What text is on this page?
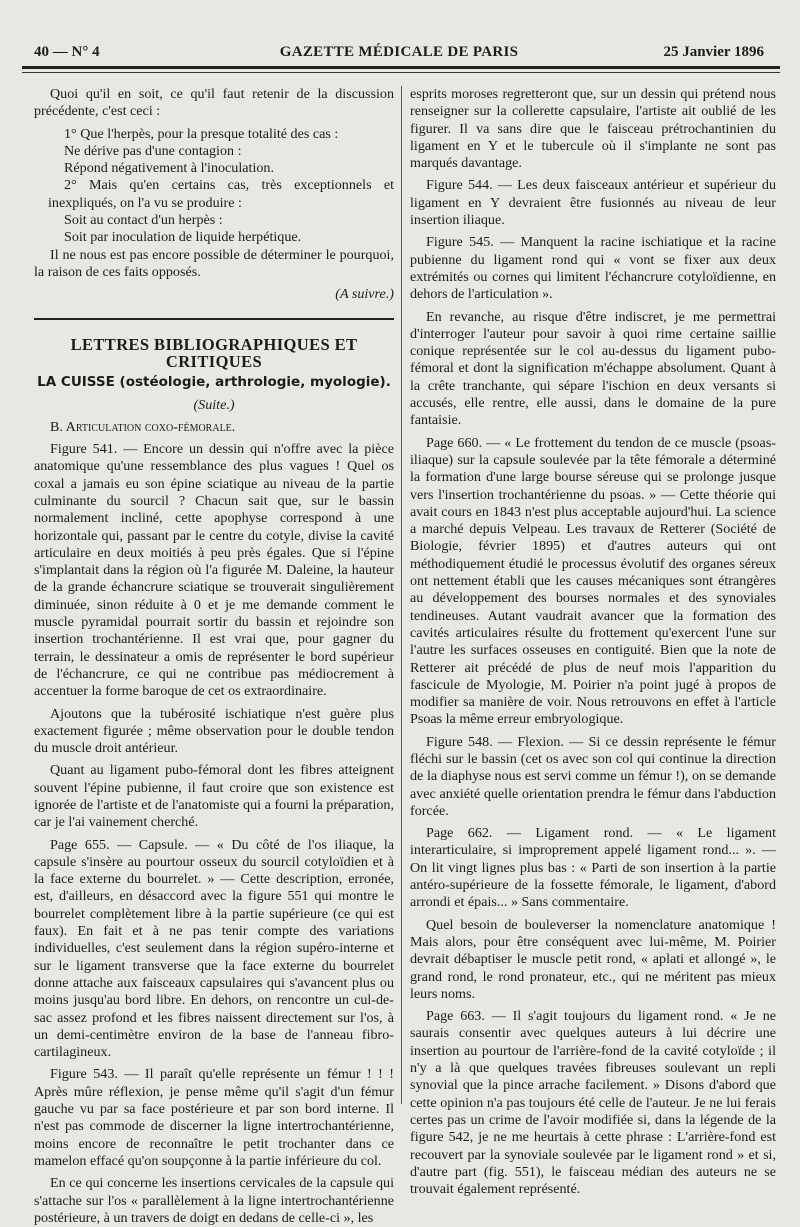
40 — N° 4	GAZETTE MÉDICALE DE PARIS	25 Janvier 1896

Quoi qu'il en soit, ce qu'il faut retenir de la discussion précédente, c'est ceci :

1° Que l'herpès, pour la presque totalité des cas :

Ne dérive pas d'une contagion :

Répond négativement à l'inoculation.

2° Mais qu'en certains cas, très exceptionnels et inexpliqués, on l'a vu se produire :

Soit au contact d'un herpès :

Soit par inoculation de liquide herpétique.

Il ne nous est pas encore possible de déterminer le pourquoi, la raison de ces faits opposés.

(A suivre.)

LETTRES BIBLIOGRAPHIQUES ET CRITIQUES
LA CUISSE (ostéologie, arthrologie, myologie).
(Suite.)

B. Articulation coxo-fémorale.

Figure 541. — Encore un dessin qui n'offre avec la pièce anatomique qu'une ressemblance des plus vagues ! Quel os coxal a jamais eu son épine sciatique au niveau de la partie culminante du sourcil ? Chacun sait que, sur le bassin normalement incliné, cette apophyse correspond à une horizontale qui, passant par le centre du cotyle, divise la cavité articulaire en deux moitiés à peu près égales. Que si l'épine s'implantait dans la région où l'a figurée M. Daleine, la hauteur de la grande échancrure sciatique se trouverait singulièrement diminuée, sinon réduite à 0 et je me demande comment le muscle pyramidal pourrait sortir du bassin et rejoindre son insertion trochantérienne. Il est vrai que, pour gagner du terrain, le dessinateur a omis de représenter le bord supérieur de l'échancrure, ce qui ne contribue pas médiocrement à accentuer la forme baroque de cet os extraordinaire.

Ajoutons que la tubérosité ischiatique n'est guère plus exactement figurée ; même observation pour le double tendon du muscle droit antérieur.

Quant au ligament pubo-fémoral dont les fibres atteignent souvent l'épine pubienne, il faut croire que son existence est ignorée de l'artiste et de l'anatomiste qui a fourni la préparation, car je l'ai vainement cherché.

Page 655. — Capsule. — « Du côté de l'os iliaque, la capsule s'insère au pourtour osseux du sourcil cotyloïdien et à la face externe du bourrelet. » — Cette description, erronée, est, d'ailleurs, en désaccord avec la figure 551 qui montre le bourrelet complètement libre à la partie supérieure (ce qui est faux). En fait et à ne pas tenir compte des variations individuelles, c'est seulement dans la région supéro-interne et sur le ligament transverse que la face externe du bourrelet donne attache aux faisceaux capsulaires qui s'avancent plus ou moins jusqu'au bord libre. En dehors, on rencontre un cul-de-sac assez profond et les fibres naissent directement sur l'os, à un demi-centimètre environ de la base de l'anneau fibro-cartilagineux.

Figure 543. — Il paraît qu'elle représente un fémur ! ! ! Après mûre réflexion, je pense même qu'il s'agit d'un fémur gauche vu par sa face postérieure et par son bord interne. Il n'est pas commode de discerner la ligne intertrochantérienne, moins encore de reconnaître le petit trochanter dans ce mamelon effacé qu'on soupçonne à la partie inférieure du col.

En ce qui concerne les insertions cervicales de la capsule qui s'attache sur l'os « parallèlement à la ligne intertrochantérienne postérieure, à un travers de doigt en dedans de celle-ci », les

esprits moroses regretteront que, sur un dessin qui prétend nous renseigner sur la collerette capsulaire, l'artiste ait oublié de les figurer. Il va sans dire que le faisceau prétrochantinien du ligament en Y et le tubercule où il s'implante ne sont pas marqués davantage.

Figure 544. — Les deux faisceaux antérieur et supérieur du ligament en Y devraient être fusionnés au niveau de leur insertion iliaque.

Figure 545. — Manquent la racine ischiatique et la racine pubienne du ligament rond qui « vont se fixer aux deux extrémités ou cornes qui limitent l'échancrure cotyloïdienne, en dehors de l'articulation ».

En revanche, au risque d'être indiscret, je me permettrai d'interroger l'auteur pour savoir à quoi rime certaine saillie conique représentée sur le col au-dessus du ligament pubo-fémoral et dont la signification m'échappe absolument. Quant à la crête tranchante, qui sépare l'ischion en deux versants si accusés, elle rentre, elle aussi, dans le domaine de la pure fantaisie.

Page 660. — « Le frottement du tendon de ce muscle (psoas-iliaque) sur la capsule soulevée par la tête fémorale a déterminé la formation d'une large bourse séreuse qui se prolonge jusque vers l'insertion trochantérienne du psoas. » — Cette théorie qui avait cours en 1843 n'est plus acceptable aujourd'hui. La science a marché depuis Velpeau. Les travaux de Retterer (Société de Biologie, février 1895) et d'autres auteurs qui ont méthodiquement étudié le processus évolutif des organes séreux ont nettement établi que les causes mécaniques sont étrangères au développement des bourses normales et des synoviales tendineuses. Autant vaudrait avancer que la formation des cavités articulaires résulte du frottement qu'exercent l'une sur l'autre les surfaces osseuses en contiguité. Bien que la note de Retterer ait précédé de plus de neuf mois l'apparition du fascicule de Myologie, M. Poirier n'a point jugé à propos de modifier sa manière de voir. Nous retrouvons en effet à l'article Psoas la même erreur embryologique.

Figure 548. — Flexion. — Si ce dessin représente le fémur fléchi sur le bassin (cet os avec son col qui continue la direction de la diaphyse nous est servi comme un fémur !), on se demande avec anxiété quelle orientation prendra le fémur dans l'abduction forcée.

Page 662. — Ligament rond. — « Le ligament interarticulaire, si improprement appelé ligament rond... ». — On lit vingt lignes plus bas : « Parti de son insertion à la partie antéro-supérieure de la fossette fémorale, le ligament, d'abord arrondi et épais... » Sans commentaire.

Quel besoin de bouleverser la nomenclature anatomique ! Mais alors, pour être conséquent avec lui-même, M. Poirier devrait débaptiser le muscle petit rond, « aplati et allongé », le grand rond, le rond pronateur, etc., qui ne méritent pas mieux leurs noms.

Page 663. — Il s'agit toujours du ligament rond. « Je ne saurais consentir avec quelques auteurs à lui décrire une insertion au pourtour de l'arrière-fond de la cavité cotyloïde ; il n'y a là que quelques travées fibreuses soulevant un repli synovial que la pince arrache facilement. » Disons d'abord que cette opinion n'a pas toujours été celle de l'auteur. Je ne lui ferais certes pas un crime de l'avoir modifiée si, dans la légende de la figure 542, je ne me heurtais à cette phrase : L'arrière-fond est recouvert par la synoviale soulevée par le ligament rond » et si, d'autre part (fig. 551), le faisceau médian des auteurs ne se trouvait également représenté.
